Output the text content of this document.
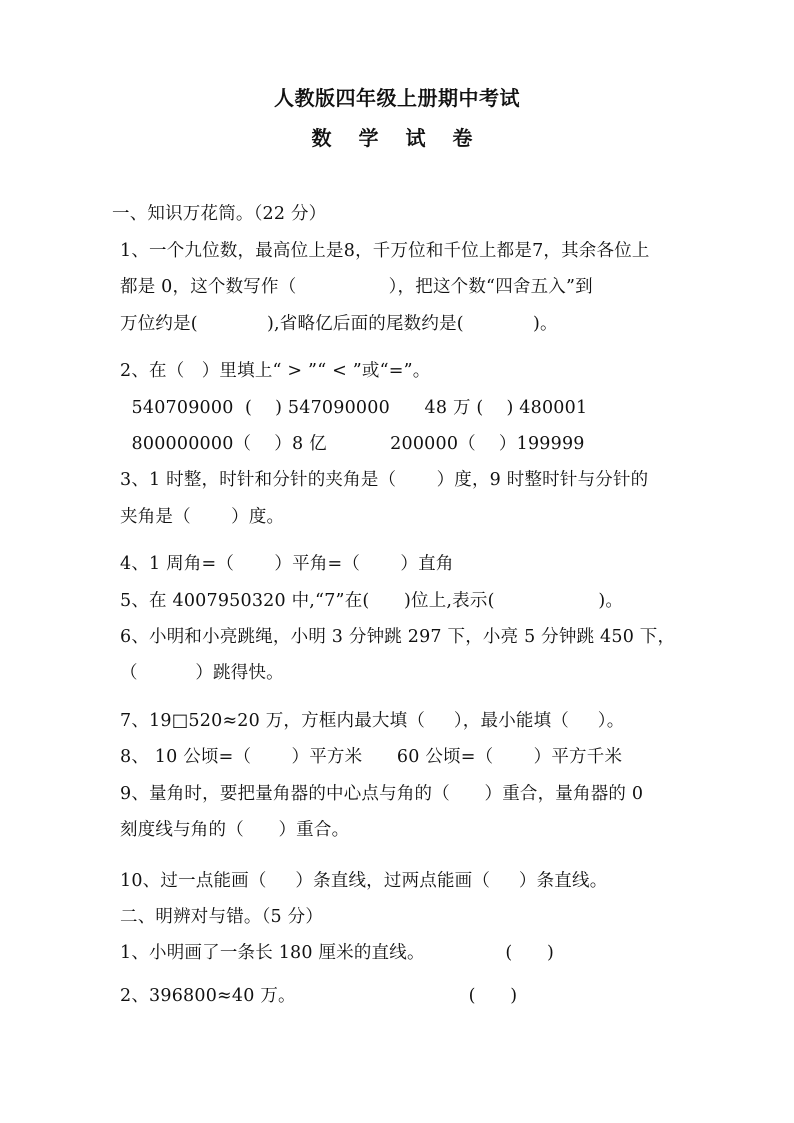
人教版四年级上册期中考试
数 学 试 卷
一、知识万花筒。（22 分）
1、一个九位数，最高位上是8，千万位和千位上都是7，其余各位上
都是 0，这个数写作（                ），把这个数“四舍五入”到
万位约是(            ),省略亿后面的尾数约是(            )。
2、在（   ）里填上“ > ”“ < ”或“=”。
540709000  (    ) 547090000      48 万 (    ) 480001
800000000（    ）8 亿           200000（    ）199999
3、1 时整，时针和分针的夹角是（       ）度，9 时整时针与分针的
夹角是（       ）度。
4、1 周角=（       ）平角=（       ）直角
5、在 4007950320 中,“7”在(      )位上,表示(                  )。
6、小明和小亮跳绳，小明 3 分钟跳 297 下，小亮 5 分钟跳 450 下，
（          ）跳得快。
7、19□520≈20 万，方框内最大填（     ），最小能填（     ）。
8、 10 公顷=（       ）平方米      60 公顷=（       ）平方千米
9、量角时，要把量角器的中心点与角的（      ）重合，量角器的 0
刻度线与角的（      ）重合。
10、过一点能画（     ）条直线，过两点能画（     ）条直线。
二、明辨对与错。（5 分）
1、小明画了一条长 180 厘米的直线。              (      )
2、396800≈40 万。                              (      )
